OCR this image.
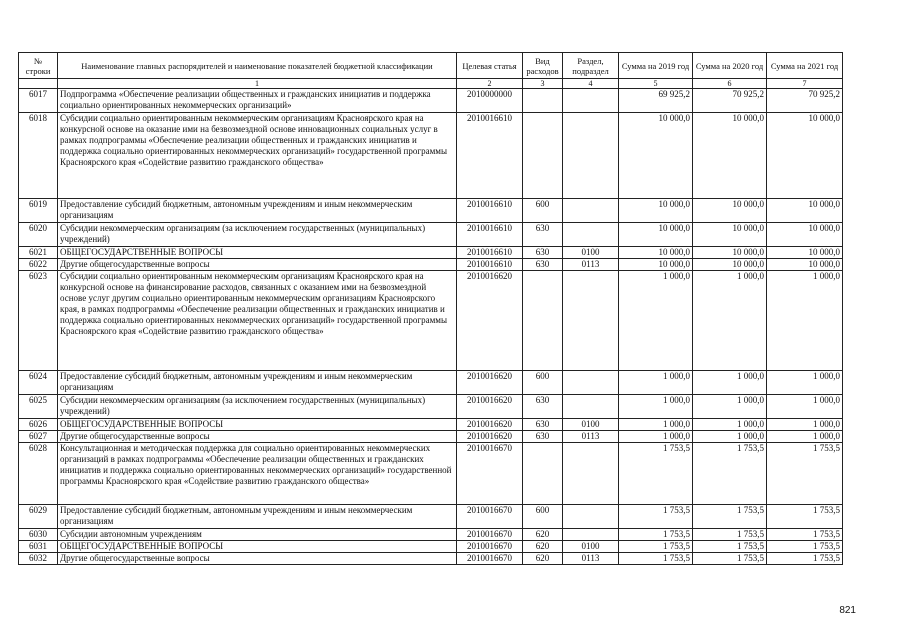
№ строки	Наименование главных распорядителей и наименование показателей бюджетной классификации	Целевая статья	Вид расходов	Раздел, подраздел	Сумма на 2019 год	Сумма на 2020 год	Сумма на 2021 год
	1	2	3	4	5	6	7
6017	Подпрограмма «Обеспечение реализации общественных и гражданских инициатив и поддержка социально ориентированных некоммерческих организаций»	2010000000			69 925,2	70 925,2	70 925,2
6018	Субсидии социально ориентированным некоммерческим организациям Красноярского края на конкурсной основе на оказание ими на безвозмездной основе инновационных социальных услуг в рамках подпрограммы «Обеспечение реализации общественных и гражданских инициатив и поддержка социально ориентированных некоммерческих организаций» государственной программы Красноярского края «Содействие развитию гражданского общества»	2010016610			10 000,0	10 000,0	10 000,0
6019	Предоставление субсидий бюджетным, автономным учреждениям и иным некоммерческим организациям	2010016610	600		10 000,0	10 000,0	10 000,0
6020	Субсидии некоммерческим организациям (за исключением государственных (муниципальных) учреждений)	2010016610	630		10 000,0	10 000,0	10 000,0
6021	ОБЩЕГОСУДАРСТВЕННЫЕ ВОПРОСЫ	2010016610	630	0100	10 000,0	10 000,0	10 000,0
6022	Другие общегосударственные вопросы	2010016610	630	0113	10 000,0	10 000,0	10 000,0
6023	Субсидии социально ориентированным некоммерческим организациям Красноярского края на конкурсной основе на финансирование расходов, связанных с оказанием ими на безвозмездной основе услуг другим социально ориентированным некоммерческим организациям Красноярского края, в рамках подпрограммы «Обеспечение реализации общественных и гражданских инициатив и поддержка социально ориентированных некоммерческих организаций» государственной программы Красноярского края «Содействие развитию гражданского общества»	2010016620			1 000,0	1 000,0	1 000,0
6024	Предоставление субсидий бюджетным, автономным учреждениям и иным некоммерческим организациям	2010016620	600		1 000,0	1 000,0	1 000,0
6025	Субсидии некоммерческим организациям (за исключением государственных (муниципальных) учреждений)	2010016620	630		1 000,0	1 000,0	1 000,0
6026	ОБЩЕГОСУДАРСТВЕННЫЕ ВОПРОСЫ	2010016620	630	0100	1 000,0	1 000,0	1 000,0
6027	Другие общегосударственные вопросы	2010016620	630	0113	1 000,0	1 000,0	1 000,0
6028	Консультационная и методическая поддержка для социально ориентированных некоммерческих организаций в рамках подпрограммы «Обеспечение реализации общественных и гражданских инициатив и поддержка социально ориентированных некоммерческих организаций» государственной программы Красноярского края «Содействие развитию гражданского общества»	2010016670			1 753,5	1 753,5	1 753,5
6029	Предоставление субсидий бюджетным, автономным учреждениям и иным некоммерческим организациям	2010016670	600		1 753,5	1 753,5	1 753,5
6030	Субсидии автономным учреждениям	2010016670	620		1 753,5	1 753,5	1 753,5
6031	ОБЩЕГОСУДАРСТВЕННЫЕ ВОПРОСЫ	2010016670	620	0100	1 753,5	1 753,5	1 753,5
6032	Другие общегосударственные вопросы	2010016670	620	0113	1 753,5	1 753,5	1 753,5
821
